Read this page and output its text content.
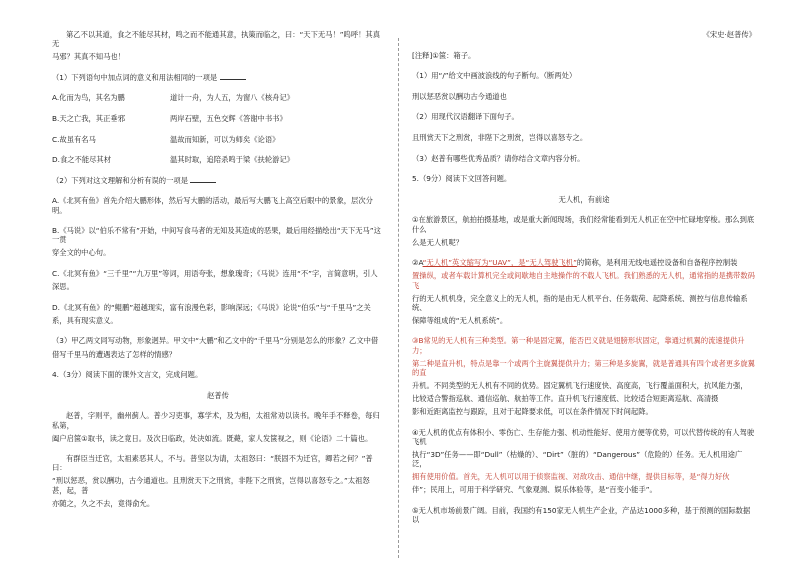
第乙不以其道，食之不能尽其材，鸣之而不能通其意，执策而临之，曰：“天下无马！”呜呼！其真无

马邪？其真不知马也！

（1）下列语句中加点词的意义和用法相同的一项是

A.化而为鸟，其名为鹏	道计一舟，为人五，为窗八《核舟记》
B.天之亡我，其正垂邪	两岸石壁，五色交辉《答谢中书书》
C.故虽有名马	温故而知新，可以为师矣《论语》
D.食之不能尽其材	温其时取，追陪杀鸣于梁《扶轮游记》

（2）下列对这文理解和分析有误的一项是

A.《北冥有鱼》首先介绍大鹏形体，然后写大鹏的活动，最后写大鹏飞上高空后眼中的景象，层次分明。

B.《马说》以“伯乐不常有”开始，中间写食马者的无知及其造成的恶果，最后用经描绘出“天下无马”这一贯

穿全文的中心句。

C.《北冥有鱼》“三千里”“九万里”等词，用语夸张，想象瑰奇；《马说》连用“不”字，言简意明，引人

深思。

D.《北冥有鱼》的“鲲鹏”超越现实，富有浪漫色彩，影响深远；《马说》论说“伯乐”与“千里马”之关

系，具有现实意义。

（3）甲乙两文同写动物，形象迥异。甲文中“大鹏”和乙文中的“千里马”分别是怎么的形象？乙文中借

借写千里马的遭遇表达了怎样的情感？

4.（3分）阅读下面的课外文言文，完成问题。

赵普传

赵普，字则平，幽州蓟人。普少习吏事，寡学术，及为相，太祖常劝以读书。晚年手不释卷，每归私第，

阖户启箧①取书，读之竟日。及次日临政，处决如流。既薨，家人发箧视之，则《论语》二十篇也。

有群臣当迁官，太祖素恶其人，不与。普坚以为请，太祖怒曰：“朕固不为迁官，卿若之何？”普曰：

“刑以惩恶，赏以酬功，古今通道也。且刑赏天下之刑赏，非陛下之刑赏，岂得以喜怒专之。”太祖怒甚，起，普

亦随之，久之不去，竟得俞允。

《宋史·赵普传》

[注释]①箧：箱子。

（1）用“/”给文中画波浪线的句子断句。（断两处）

刑以惩恶赏以酬功古今通道也

（2）用现代汉语翻译下面句子。

且刑赏天下之刑赏，非陛下之刑赏，岂得以喜怒专之。

（3）赵普有哪些优秀品质？请你结合文章内容分析。

5.（9分）阅读下文回答问题。

无人机，有前途

①在旅游景区，航拍拍摄基地，或是重大新闻现场，我们经常能看到无人机正在空中忙碌地穿梭。那么到底什么

么是无人机呢？

②A“无人机”英文缩写为“UAV”，是“无人驾驶飞机”的简称，是利用无线电遥控设备和自备程序控制装

置操纵，或者车载计算机完全或间歇地自主地操作的不载人飞机。我们熟悉的无人机，通常指的是携带数码飞

行的无人机机身，完全意义上的无人机，指的是由无人机平台、任务载荷、起降系统、测控与信息传输系统、

保障等组成的“无人机系统”。

③B常见的无人机有三种类型。第一种是固定翼，能否巴义就是翅膀形状固定，靠通过机翼的流速提供升力；

第二种是直升机，特点是靠一个或两个主旋翼提供升力；第三种是多旋翼，就是普通具有四个或者更多旋翼的直

升机。不同类型的无人机有不同的优势。固定翼机飞行速度快、高度高，飞行覆盖面积大，抗风能力强，

比较适合警指巡航、通信巡航、航拍等工作。直升机飞行速度低、比较适合短距离巡航、高清摄

影和近距离监控与跟踪，且对于起降要求低，可以在条件情况下时间起降。

④无人机的优点有体积小、零伤亡、生存能力强、机动性能好、使用方便等优势，可以代替传统的有人驾驶飞机

执行“3D”任务——即“Dull”（枯燥的）、“Dirt”（脏的）“Dangerous”（危险的）任务。无人机用途广泛，

拥有使用价值。首先，无人机可以用于侦察监视、对敌攻击、通信中继，提供目标等，是“得力好伙

伴”；民用上，可用于科学研究、气象观测、娱乐体验等，是“百变小能手”。

⑤无人机市场前景广阔。目前，我国约有150家无人机生产企业，产品达1000多种，基于预测的国际数据以
